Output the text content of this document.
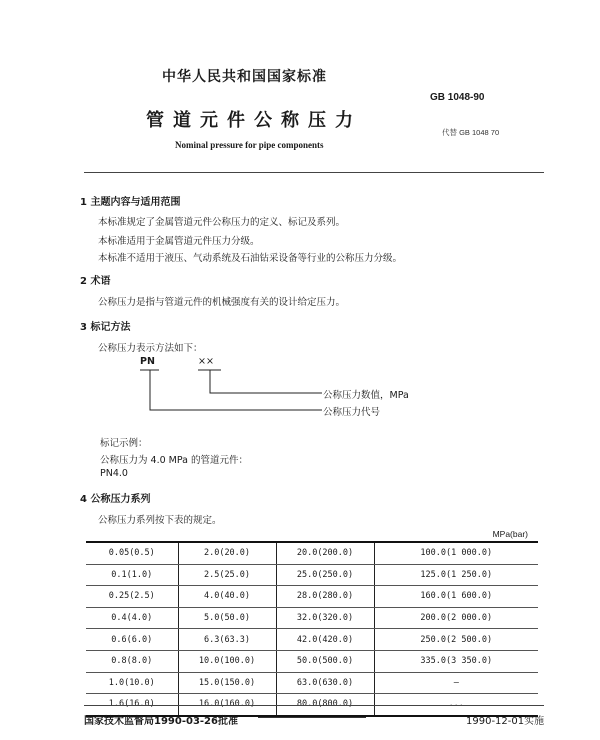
中华人民共和国国家标准
管道元件公称压力
Nominal pressure for pipe components
GB 1048-90
代替 GB 1048 70
1 主题内容与适用范围
本标准规定了金属管道元件公称压力的定义、标记及系列。
本标准适用于金属管道元件压力分级。
本标准不适用于液压、气动系统及石油钻采设备等行业的公称压力分级。
2 术语
公称压力是指与管道元件的机械强度有关的设计给定压力。
3 标记方法
公称压力表示方法如下：
PN	××
公称压力数值，MPa
公称压力代号
标记示例：
公称压力为 4.0 MPa 的管道元件：
PN4.0
4 公称压力系列
公称压力系列按下表的规定。
MPa(bar)
0.05(0.5)	2.0(20.0)	20.0(200.0)	100.0(1 000.0)
0.1(1.0)	2.5(25.0)	25.0(250.0)	125.0(1 250.0)
0.25(2.5)	4.0(40.0)	28.0(280.0)	160.0(1 600.0)
0.4(4.0)	5.0(50.0)	32.0(320.0)	200.0(2 000.0)
0.6(6.0)	6.3(63.3)	42.0(420.0)	250.0(2 500.0)
0.8(8.0)	10.0(100.0)	50.0(500.0)	335.0(3 350.0)
1.0(10.0)	15.0(150.0)	63.0(630.0)	—
1.6(16.0)	16.0(160.0)	80.0(800.0)	...
国家技术监督局1990-03-26批准	1990-12-01实施
